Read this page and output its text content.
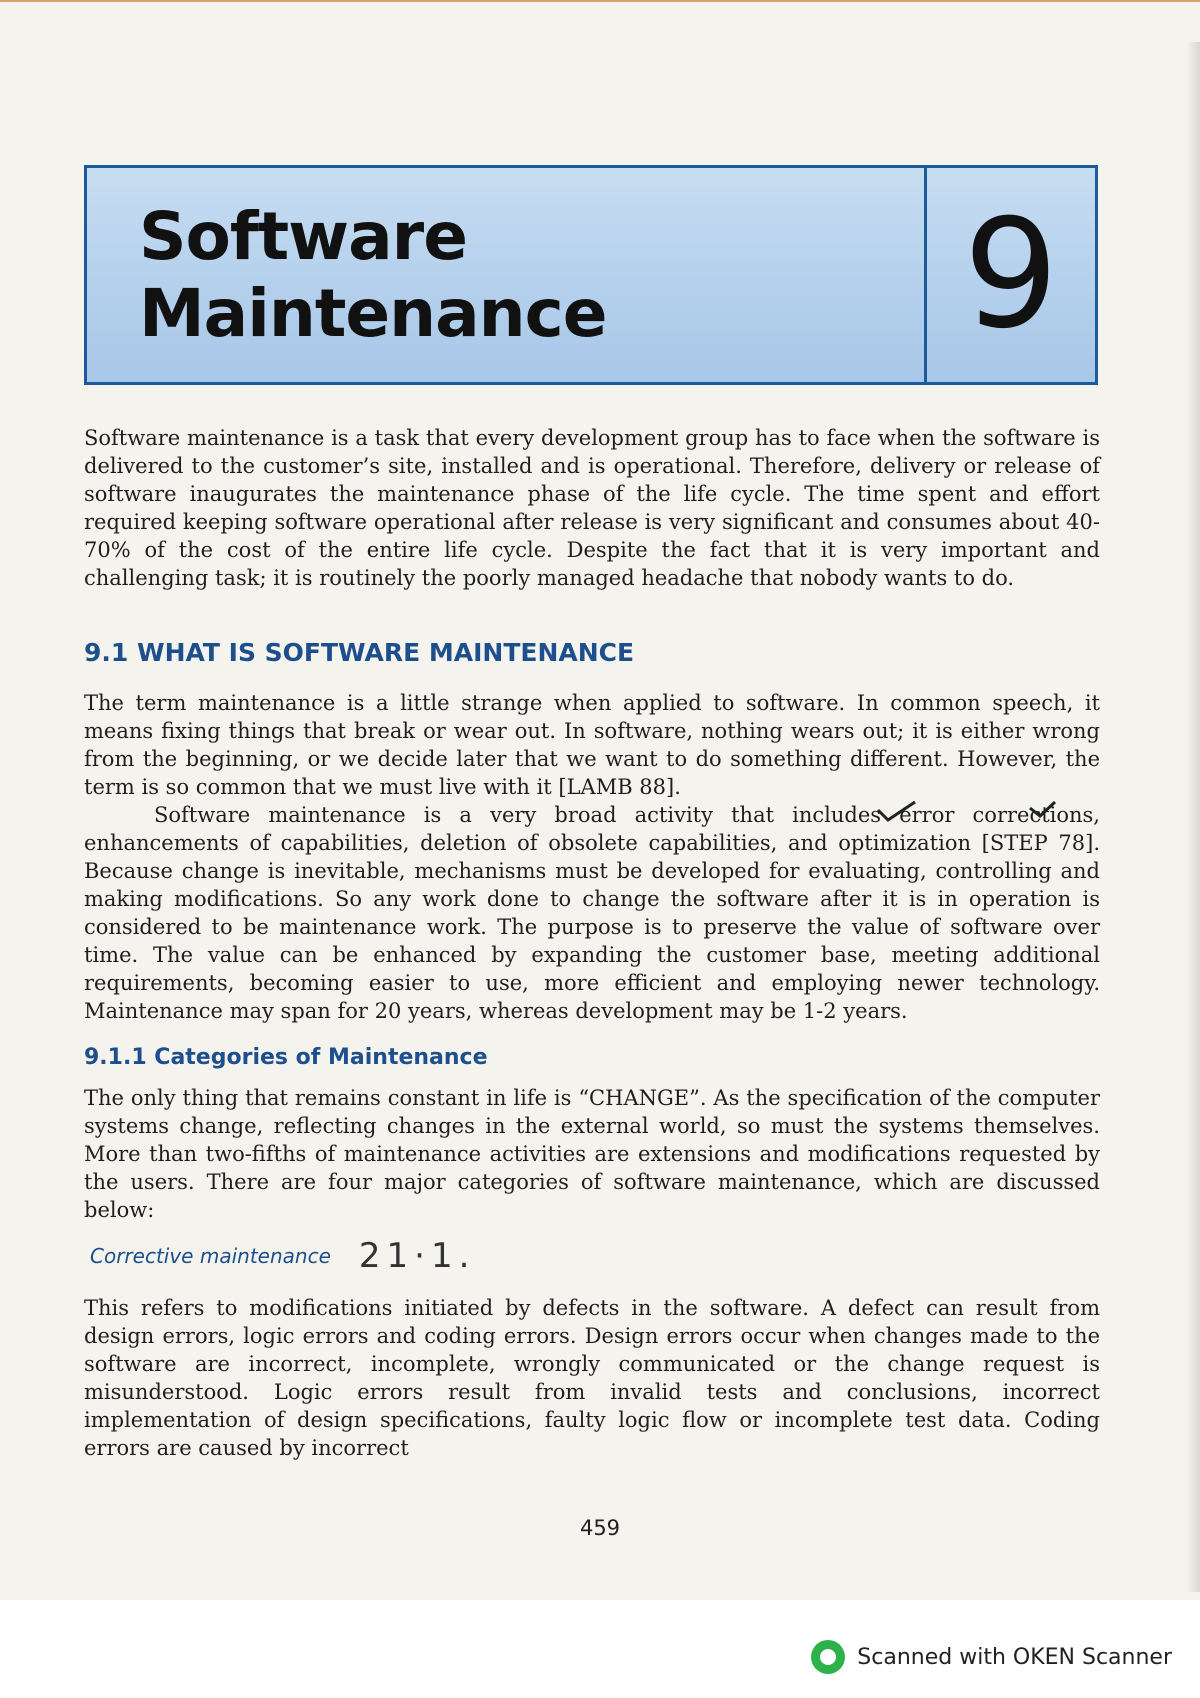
Software Maintenance	9

Software maintenance is a task that every development group has to face when the software is delivered to the customer’s site, installed and is operational. Therefore, delivery or release of software inaugurates the maintenance phase of the life cycle. The time spent and effort required keeping software operational after release is very significant and consumes about 40-70% of the cost of the entire life cycle. Despite the fact that it is very important and challenging task; it is routinely the poorly managed headache that nobody wants to do.

9.1 WHAT IS SOFTWARE MAINTENANCE

The term maintenance is a little strange when applied to software. In common speech, it means fixing things that break or wear out. In software, nothing wears out; it is either wrong from the beginning, or we decide later that we want to do something different. However, the term is so common that we must live with it [LAMB 88].

Software maintenance is a very broad activity that includes error corrections, enhancements of capabilities, deletion of obsolete capabilities, and optimization [STEP 78]. Because change is inevitable, mechanisms must be developed for evaluating, controlling and making modifications. So any work done to change the software after it is in operation is considered to be maintenance work. The purpose is to preserve the value of software over time. The value can be enhanced by expanding the customer base, meeting additional requirements, becoming easier to use, more efficient and employing newer technology. Maintenance may span for 20 years, whereas development may be 1-2 years.

9.1.1 Categories of Maintenance

The only thing that remains constant in life is “CHANGE”. As the specification of the computer systems change, reflecting changes in the external world, so must the systems themselves. More than two-fifths of maintenance activities are extensions and modifications requested by the users. There are four major categories of software maintenance, which are discussed below:

Corrective maintenance 21·1.

This refers to modifications initiated by defects in the software. A defect can result from design errors, logic errors and coding errors. Design errors occur when changes made to the software are incorrect, incomplete, wrongly communicated or the change request is misunderstood. Logic errors result from invalid tests and conclusions, incorrect implementation of design specifications, faulty logic flow or incomplete test data. Coding errors are caused by incorrect

459
Scanned with OKEN Scanner
